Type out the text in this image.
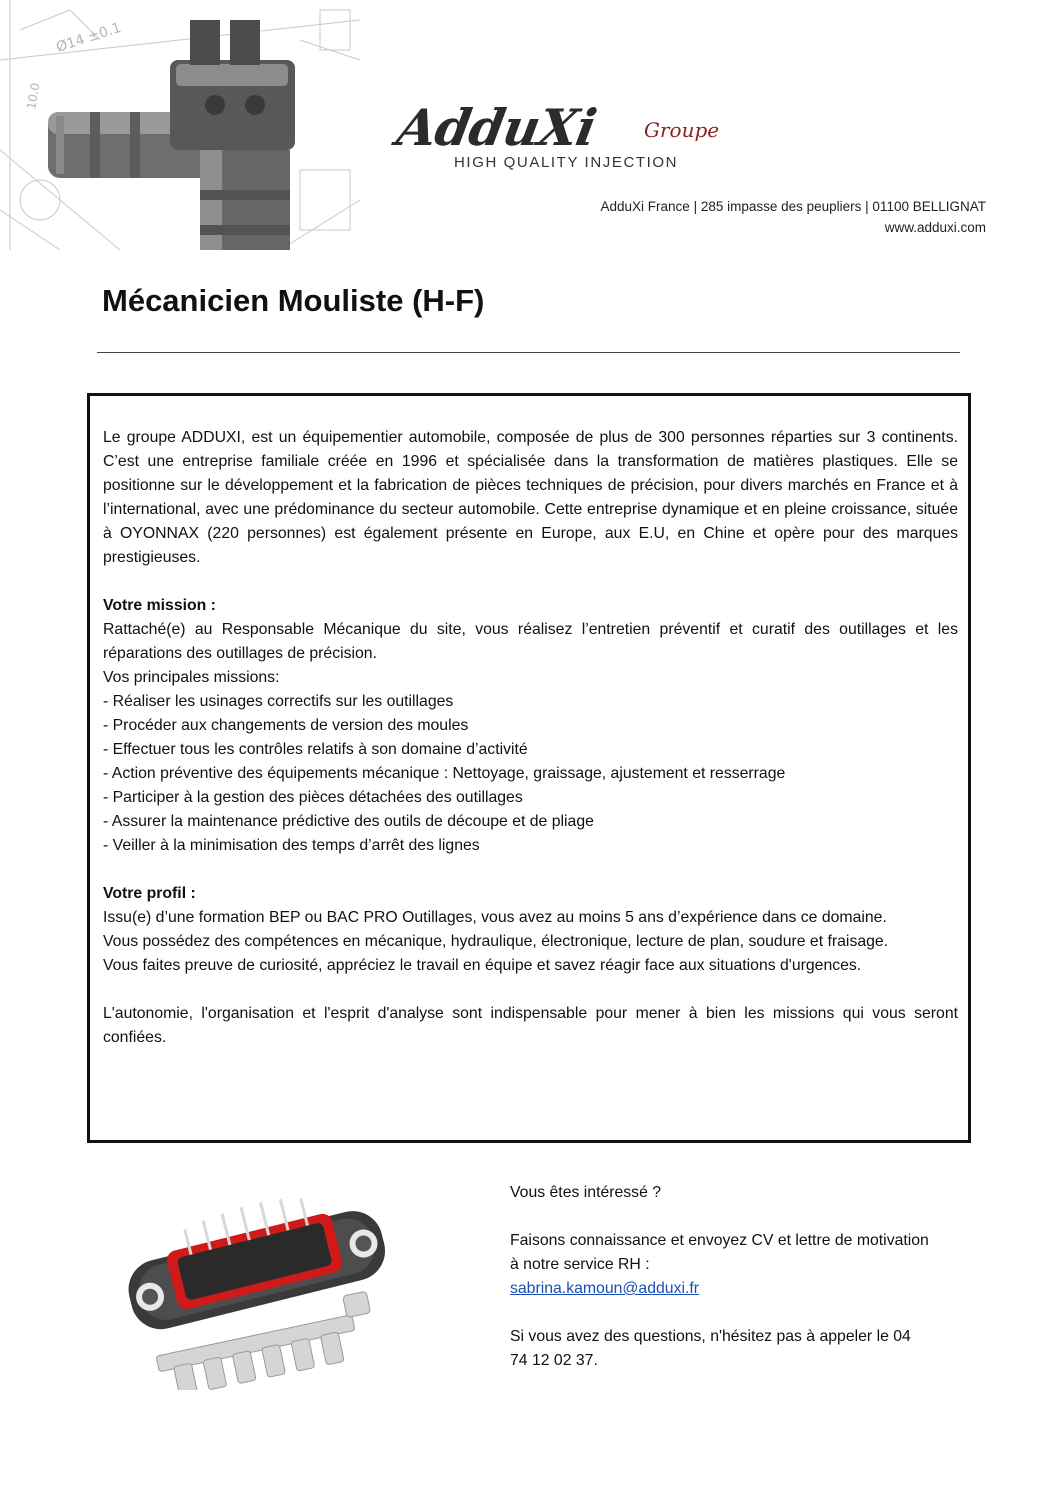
Ø14 ±0.1
10.0
AdduXi Groupe
HIGH QUALITY INJECTION
AdduXi France | 285 impasse des peupliers | 01100 BELLIGNAT
www.adduxi.com
Mécanicien Mouliste (H-F)

Le groupe ADDUXI, est un équipementier automobile, composée de plus de 300 personnes réparties sur 3 continents. C’est une entreprise familiale créée en 1996 et spécialisée dans la transformation de matières plastiques. Elle se positionne sur le développement et la fabrication de pièces techniques de précision, pour divers marchés en France et à l’international, avec une prédominance du secteur automobile. Cette entreprise dynamique et en pleine croissance, située à OYONNAX (220 personnes) est également présente en Europe, aux E.U, en Chine et opère pour des marques prestigieuses.

Votre mission :

Rattaché(e) au Responsable Mécanique du site, vous réalisez l’entretien préventif et curatif des outillages et les réparations des outillages de précision.

Vos principales missions:

- Réaliser les usinages correctifs sur les outillages

- Procéder aux changements de version des moules

- Effectuer tous les contrôles relatifs à son domaine d’activité

- Action préventive des équipements mécanique : Nettoyage, graissage, ajustement et resserrage

- Participer à la gestion des pièces détachées des outillages

- Assurer la maintenance prédictive des outils de découpe et de pliage

- Veiller à la minimisation des temps d’arrêt des lignes

Votre profil :

Issu(e) d’une formation BEP ou BAC PRO Outillages, vous avez au moins 5 ans d’expérience dans ce domaine.

Vous possédez des compétences en mécanique, hydraulique, électronique, lecture de plan, soudure et fraisage.

Vous faites preuve de curiosité, appréciez le travail en équipe et savez réagir face aux situations d'urgences.

L'autonomie, l'organisation et l'esprit d'analyse sont indispensable pour mener à bien les missions qui vous seront confiées.

Vous êtes intéressé ?

Faisons connaissance et envoyez CV et lettre de motivation à notre service RH :

sabrina.kamoun@adduxi.fr

Si vous avez des questions, n'hésitez pas à appeler le 04 74 12 02 37.
